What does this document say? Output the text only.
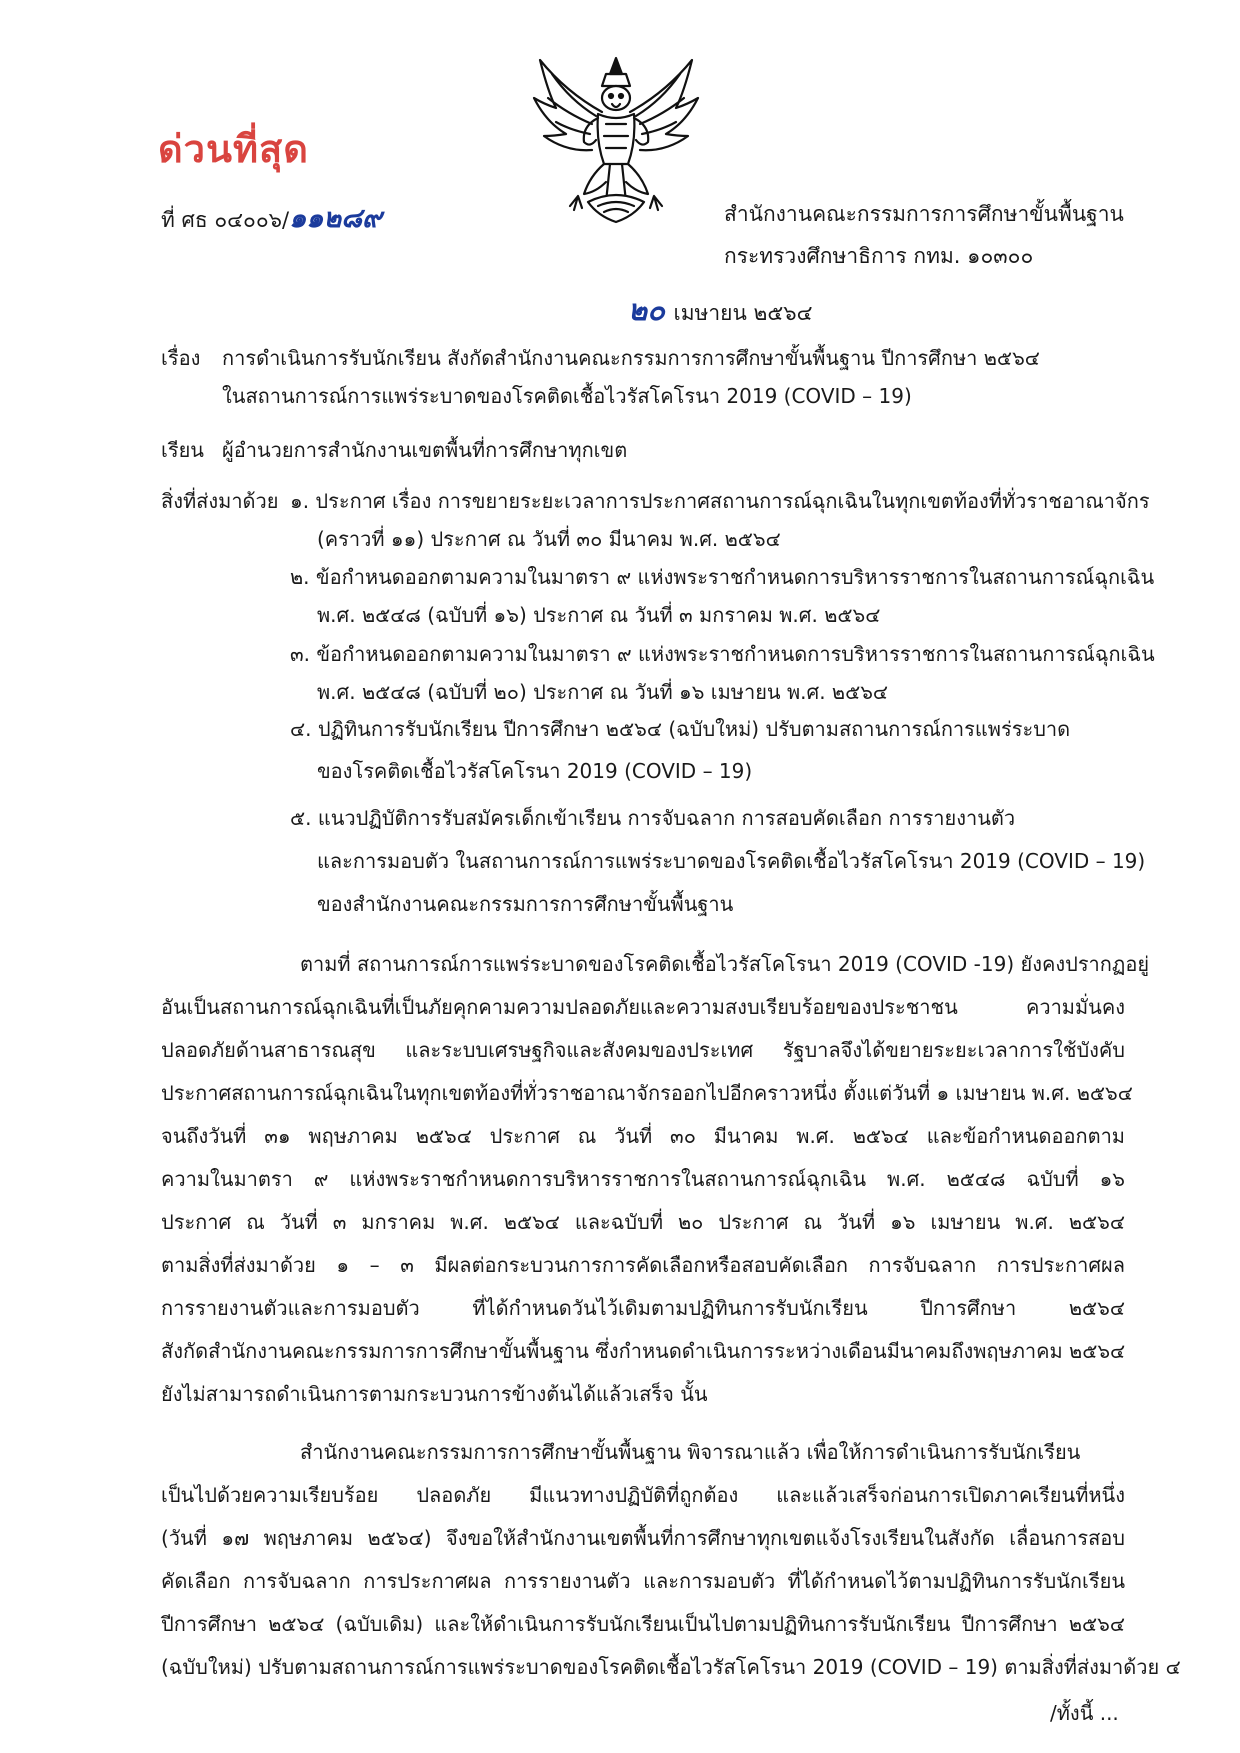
ด่วนที่สุด
ที่ ศธ ๐๔๐๐๖/๑๑๒๘๙	สำนักงานคณะกรรมการการศึกษาขั้นพื้นฐาน
กระทรวงศึกษาธิการ กทม. ๑๐๓๐๐
๒๐ เมษายน ๒๕๖๔
เรื่อง การดำเนินการรับนักเรียน สังกัดสำนักงานคณะกรรมการการศึกษาขั้นพื้นฐาน ปีการศึกษา ๒๕๖๔
ในสถานการณ์การแพร่ระบาดของโรคติดเชื้อไวรัสโคโรนา 2019 (COVID – 19)
เรียน ผู้อำนวยการสำนักงานเขตพื้นที่การศึกษาทุกเขต
สิ่งที่ส่งมาด้วย ๑. ประกาศ เรื่อง การขยายระยะเวลาการประกาศสถานการณ์ฉุกเฉินในทุกเขตท้องที่ทั่วราชอาณาจักร
(คราวที่ ๑๑) ประกาศ ณ วันที่ ๓๐ มีนาคม พ.ศ. ๒๕๖๔
๒. ข้อกำหนดออกตามความในมาตรา ๙ แห่งพระราชกำหนดการบริหารราชการในสถานการณ์ฉุกเฉิน
พ.ศ. ๒๕๔๘ (ฉบับที่ ๑๖) ประกาศ ณ วันที่ ๓ มกราคม พ.ศ. ๒๕๖๔
๓. ข้อกำหนดออกตามความในมาตรา ๙ แห่งพระราชกำหนดการบริหารราชการในสถานการณ์ฉุกเฉิน
พ.ศ. ๒๕๔๘ (ฉบับที่ ๒๐) ประกาศ ณ วันที่ ๑๖ เมษายน พ.ศ. ๒๕๖๔
๔. ปฏิทินการรับนักเรียน ปีการศึกษา ๒๕๖๔ (ฉบับใหม่) ปรับตามสถานการณ์การแพร่ระบาด
ของโรคติดเชื้อไวรัสโคโรนา 2019 (COVID – 19)
๕. แนวปฏิบัติการรับสมัครเด็กเข้าเรียน การจับฉลาก การสอบคัดเลือก การรายงานตัว
และการมอบตัว ในสถานการณ์การแพร่ระบาดของโรคติดเชื้อไวรัสโคโรนา 2019 (COVID – 19)
ของสำนักงานคณะกรรมการการศึกษาขั้นพื้นฐาน
ตามที่ สถานการณ์การแพร่ระบาดของโรคติดเชื้อไวรัสโคโรนา 2019 (COVID -19) ยังคงปรากฏอยู่
อันเป็นสถานการณ์ฉุกเฉินที่เป็นภัยคุกคามความปลอดภัยและความสงบเรียบร้อยของประชาชน ความมั่นคง
ปลอดภัยด้านสาธารณสุข และระบบเศรษฐกิจและสังคมของประเทศ รัฐบาลจึงได้ขยายระยะเวลาการใช้บังคับ
ประกาศสถานการณ์ฉุกเฉินในทุกเขตท้องที่ทั่วราชอาณาจักรออกไปอีกคราวหนึ่ง ตั้งแต่วันที่ ๑ เมษายน พ.ศ. ๒๕๖๔
จนถึงวันที่ ๓๑ พฤษภาคม ๒๕๖๔ ประกาศ ณ วันที่ ๓๐ มีนาคม พ.ศ. ๒๕๖๔ และข้อกำหนดออกตาม
ความในมาตรา ๙ แห่งพระราชกำหนดการบริหารราชการในสถานการณ์ฉุกเฉิน พ.ศ. ๒๕๔๘ ฉบับที่ ๑๖
ประกาศ ณ วันที่ ๓ มกราคม พ.ศ. ๒๕๖๔ และฉบับที่ ๒๐ ประกาศ ณ วันที่ ๑๖ เมษายน พ.ศ. ๒๕๖๔
ตามสิ่งที่ส่งมาด้วย ๑ – ๓ มีผลต่อกระบวนการการคัดเลือกหรือสอบคัดเลือก การจับฉลาก การประกาศผล
การรายงานตัวและการมอบตัว ที่ได้กำหนดวันไว้เดิมตามปฏิทินการรับนักเรียน ปีการศึกษา ๒๕๖๔
สังกัดสำนักงานคณะกรรมการการศึกษาขั้นพื้นฐาน ซึ่งกำหนดดำเนินการระหว่างเดือนมีนาคมถึงพฤษภาคม ๒๕๖๔
ยังไม่สามารถดำเนินการตามกระบวนการข้างต้นได้แล้วเสร็จ นั้น
สำนักงานคณะกรรมการการศึกษาขั้นพื้นฐาน พิจารณาแล้ว เพื่อให้การดำเนินการรับนักเรียน
เป็นไปด้วยความเรียบร้อย ปลอดภัย มีแนวทางปฏิบัติที่ถูกต้อง และแล้วเสร็จก่อนการเปิดภาคเรียนที่หนึ่ง
(วันที่ ๑๗ พฤษภาคม ๒๕๖๔) จึงขอให้สำนักงานเขตพื้นที่การศึกษาทุกเขตแจ้งโรงเรียนในสังกัด เลื่อนการสอบ
คัดเลือก การจับฉลาก การประกาศผล การรายงานตัว และการมอบตัว ที่ได้กำหนดไว้ตามปฏิทินการรับนักเรียน
ปีการศึกษา ๒๕๖๔ (ฉบับเดิม) และให้ดำเนินการรับนักเรียนเป็นไปตามปฏิทินการรับนักเรียน ปีการศึกษา ๒๕๖๔
(ฉบับใหม่) ปรับตามสถานการณ์การแพร่ระบาดของโรคติดเชื้อไวรัสโคโรนา 2019 (COVID – 19) ตามสิ่งที่ส่งมาด้วย ๔
/ทั้งนี้ ...
